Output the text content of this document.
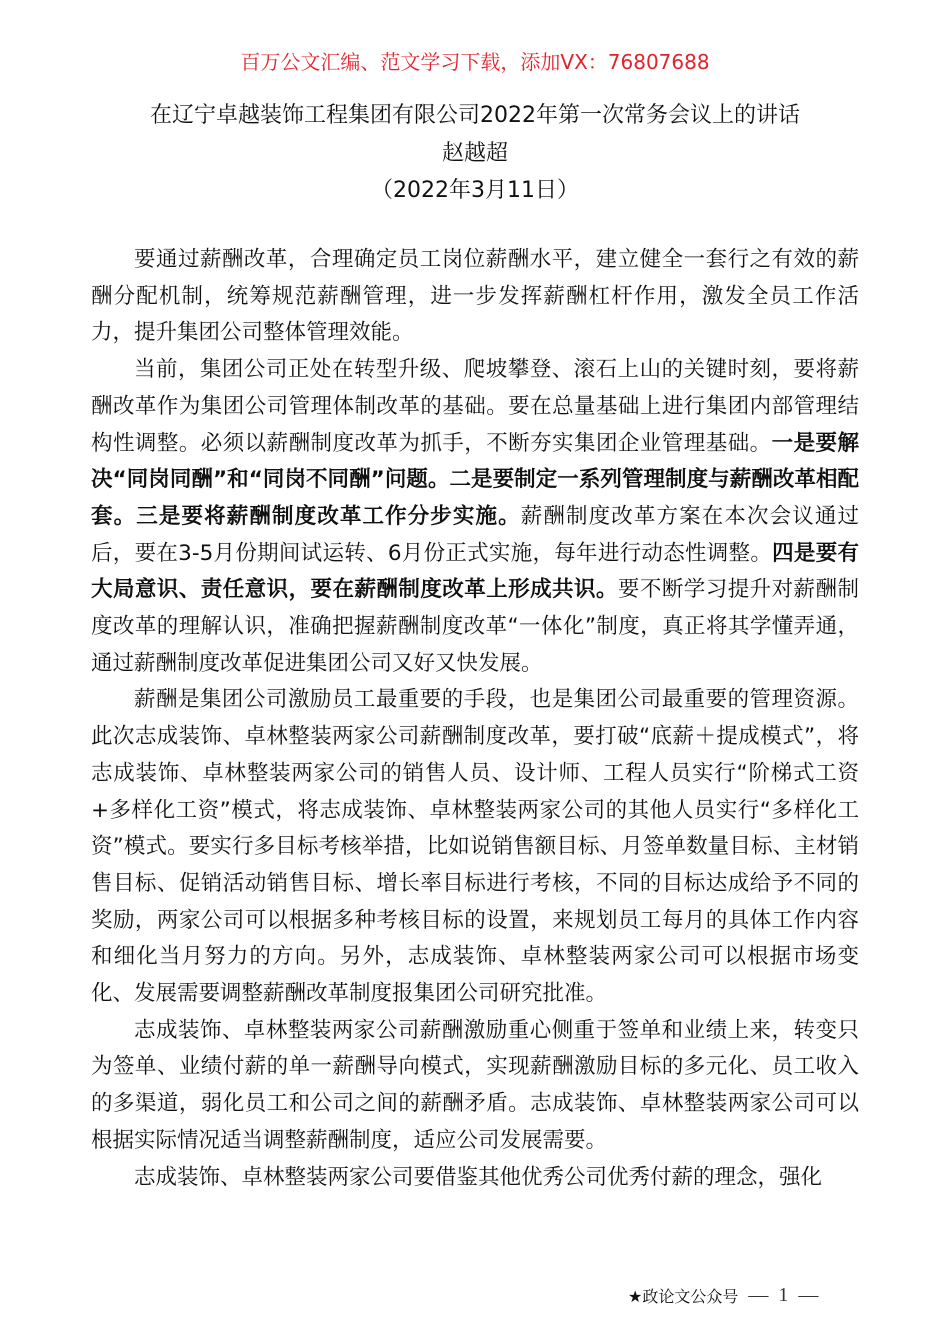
百万公文汇编、范文学习下载，添加VX：76807688
在辽宁卓越装饰工程集团有限公司2022年第一次常务会议上的讲话
赵越超
（2022年3月11日）

要通过薪酬改革，合理确定员工岗位薪酬水平，建立健全一套行之有效的薪酬分配机制，统筹规范薪酬管理，进一步发挥薪酬杠杆作用，激发全员工作活力，提升集团公司整体管理效能。

当前，集团公司正处在转型升级、爬坡攀登、滚石上山的关键时刻，要将薪酬改革作为集团公司管理体制改革的基础。要在总量基础上进行集团内部管理结构性调整。必须以薪酬制度改革为抓手，不断夯实集团企业管理基础。一是要解决“同岗同酬”和“同岗不同酬”问题。二是要制定一系列管理制度与薪酬改革相配套。三是要将薪酬制度改革工作分步实施。薪酬制度改革方案在本次会议通过后，要在3-5月份期间试运转、6月份正式实施，每年进行动态性调整。四是要有大局意识、责任意识，要在薪酬制度改革上形成共识。要不断学习提升对薪酬制度改革的理解认识，准确把握薪酬制度改革“一体化”制度，真正将其学懂弄通，通过薪酬制度改革促进集团公司又好又快发展。

薪酬是集团公司激励员工最重要的手段，也是集团公司最重要的管理资源。此次志成装饰、卓林整装两家公司薪酬制度改革，要打破“底薪＋提成模式”，将志成装饰、卓林整装两家公司的销售人员、设计师、工程人员实行“阶梯式工资+多样化工资”模式，将志成装饰、卓林整装两家公司的其他人员实行“多样化工资”模式。要实行多目标考核举措，比如说销售额目标、月签单数量目标、主材销售目标、促销活动销售目标、增长率目标进行考核，不同的目标达成给予不同的奖励，两家公司可以根据多种考核目标的设置，来规划员工每月的具体工作内容和细化当月努力的方向。另外，志成装饰、卓林整装两家公司可以根据市场变化、发展需要调整薪酬改革制度报集团公司研究批准。

志成装饰、卓林整装两家公司薪酬激励重心侧重于签单和业绩上来，转变只为签单、业绩付薪的单一薪酬导向模式，实现薪酬激励目标的多元化、员工收入的多渠道，弱化员工和公司之间的薪酬矛盾。志成装饰、卓林整装两家公司可以根据实际情况适当调整薪酬制度，适应公司发展需要。

志成装饰、卓林整装两家公司要借鉴其他优秀公司优秀付薪的理念，强化

★政论文公众号 — 1 —
